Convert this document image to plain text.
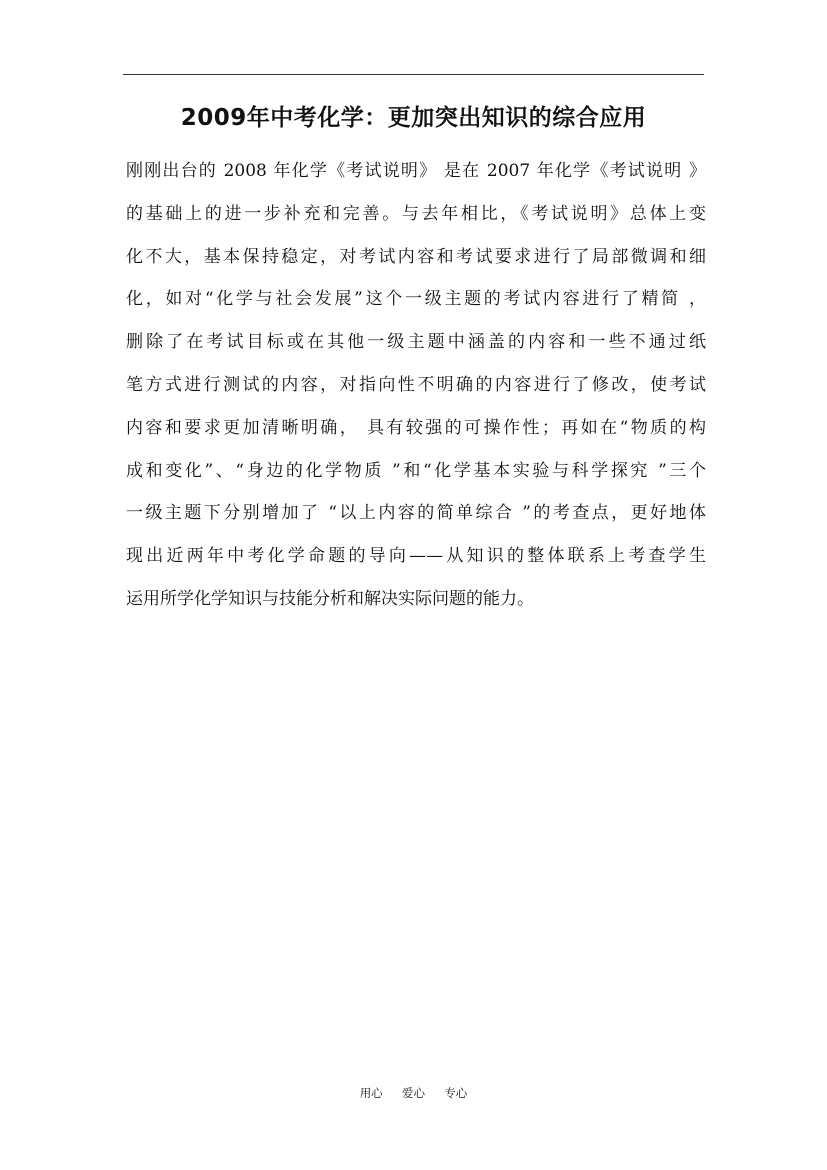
2009年中考化学：更加突出知识的综合应用
刚刚出台的 2008 年化学《考试说明》 是在 2007 年化学《考试说明 》
的基础上的进一步补充和完善。与去年相比，《考试说明》总体上变
化不大，基本保持稳定，对考试内容和考试要求进行了局部微调和细
化，如对“化学与社会发展”这个一级主题的考试内容进行了精简 ，
删除了在考试目标或在其他一级主题中涵盖的内容和一些不通过纸
笔方式进行测试的内容，对指向性不明确的内容进行了修改，使考试
内容和要求更加清晰明确， 具有较强的可操作性；再如在“物质的构
成和变化”、“身边的化学物质 ”和“化学基本实验与科学探究 ”三个
一级主题下分别增加了 “以上内容的简单综合 ”的考查点，更好地体
现出近两年中考化学命题的导向——从知识的整体联系上考查学生
运用所学化学知识与技能分析和解决实际问题的能力。
用心  爱心  专心
